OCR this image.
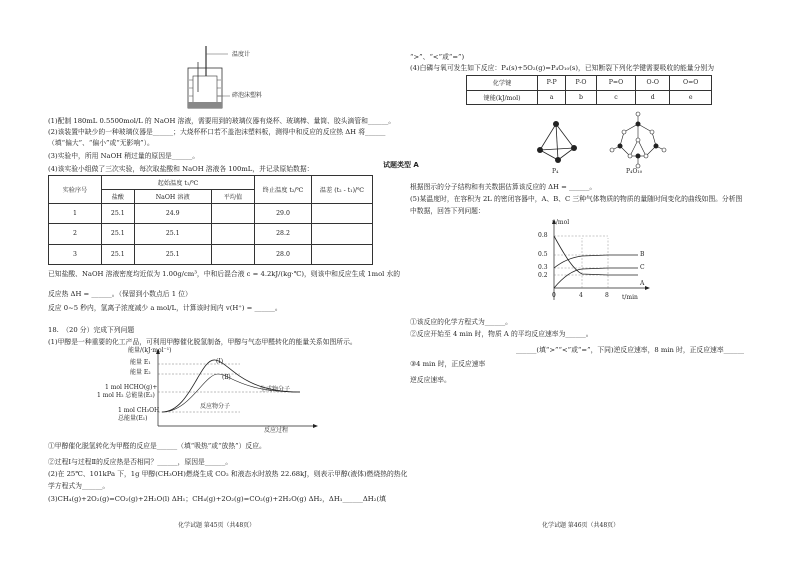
温度计
碎泡沫塑料
(1)配制 180mL 0.5500mol/L 的 NaOH 溶液，需要用到的玻璃仪器有烧杯、玻璃棒、量筒、胶头滴管和______。
(2)该装置中缺少的一种玻璃仪器是______；大烧杯杯口若不盖泡沫塑料板，测得中和反应的反应热 ΔH 将______
（填“偏大”、“偏小”或“无影响”）。
(3)实验中，所用 NaOH 稍过量的原因是______。
(4)该实验小组做了三次实验，每次取盐酸和 NaOH 溶液各 100mL，并记录原始数据：
实验序号	起始温度 t₁/℃			终止温度 t₂/℃	温差 (t₂ - t₁)/℃
	盐酸	NaOH 溶液	平均值		
1	25.1	24.9		29.0	
2	25.1	25.1		28.2	
3	25.1	25.1		28.0	
已知盐酸、NaOH 溶液密度均近似为 1.00g/cm³，中和后混合液 c = 4.2kJ/(kg·℃)，则该中和反应生成 1mol 水的
反应热 ΔH = ______。（保留到小数点后 1 位）
反应 0~5 秒内，氢离子浓度减少 a mol/L，计算该时间内 v(H⁺) = ______。
18.　（20 分）完成下列问题
(1)甲醇是一种重要的化工产品，可利用甲醇催化脱氢制备，甲醇与气态甲醛转化的能量关系如图所示。
能量/(kJ·mol⁻¹)
能量 E₁
能量 E₂
(Ⅰ)
(Ⅱ)
1 mol HCHO(g)+
1 mol H₂ 总能量(E₂)
生成物分子
反应物分子
1 mol CH₃OH
总能量(E₁)
反应过程
①甲醇催化脱氢转化为甲醛的反应是______（填“吸热”或“放热”）反应。
②过程Ⅰ与过程Ⅱ的反应热是否相同？______，原因是______。
(2)在 25℃、101kPa 下，1g 甲醇(CH₃OH)燃烧生成 CO₂ 和液态水时放热 22.68kJ，则表示甲醇(液体)燃烧热的热化
学方程式为______。
(3)CH₄(g)+2O₂(g)=CO₂(g)+2H₂O(l) ΔH₁；CH₄(g)+2O₂(g)=CO₂(g)+2H₂O(g) ΔH₂，ΔH₁______ΔH₂(填
化学试题 第45页（共48页）
试题类型 A
“>”、“<”或“=”)
(4)白磷与氧可发生如下反应：P₄(s)+5O₂(g)=P₄O₁₀(s)，已知断裂下列化学键需要吸收的能量分别为
化学键	P-P	P-O	P=O	O-O	O=O
键能(kJ/mol)	a	b	c	d	e
P₄	P₄O₁₀
根据图示的分子结构和有关数据估算该反应的 ΔH = ______。
(5)某温度时，在容积为 2L 的密闭容器中，A、B、C 三种气体物质的物质的量随时间变化的曲线如图。分析图
中数据，回答下列问题：
n/mol
0.8
0.5
0.3
0.2
B
C
A
0	4	8 t/min
①该反应的化学方程式为______。
②反应开始至 4 min 时，物质 A 的平均反应速率为______。
______(填“>”“<”或“=”，下同)逆反应速率，8 min 时，正反应速率______
③4 min 时，正反应速率
逆反应速率。
化学试题 第46页（共48页）
